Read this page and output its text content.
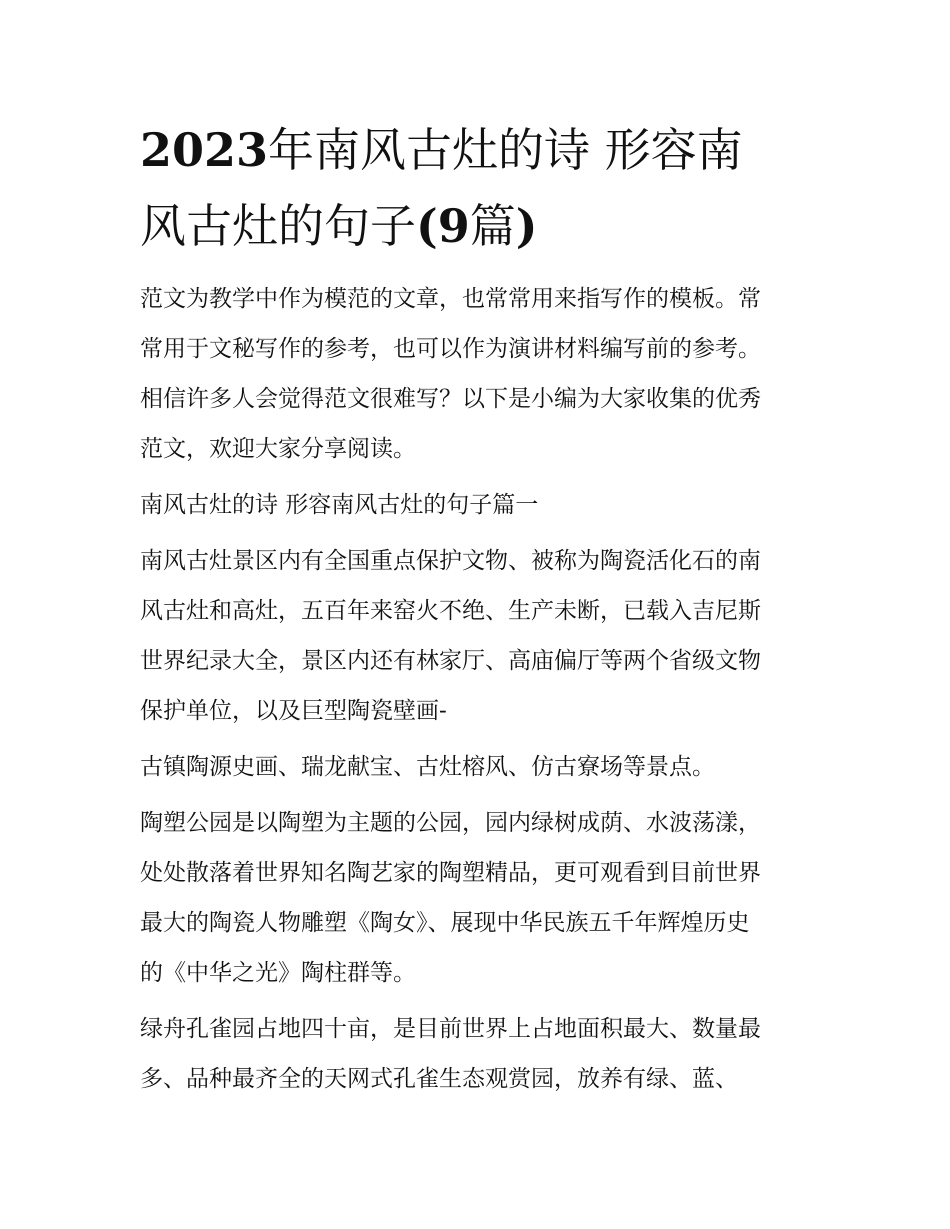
2023年南风古灶的诗 形容南
风古灶的句子(9篇)

范文为教学中作为模范的文章，也常常用来指写作的模板。常
常用于文秘写作的参考，也可以作为演讲材料编写前的参考。
相信许多人会觉得范文很难写？以下是小编为大家收集的优秀
范文，欢迎大家分享阅读。

南风古灶的诗 形容南风古灶的句子篇一

南风古灶景区内有全国重点保护文物、被称为陶瓷活化石的南
风古灶和高灶，五百年来窑火不绝、生产未断，已载入吉尼斯
世界纪录大全，景区内还有林家厅、高庙偏厅等两个省级文物
保护单位，以及巨型陶瓷壁画-

古镇陶源史画、瑞龙献宝、古灶榕风、仿古寮场等景点。

陶塑公园是以陶塑为主题的公园，园内绿树成荫、水波荡漾，
处处散落着世界知名陶艺家的陶塑精品，更可观看到目前世界
最大的陶瓷人物雕塑《陶女》、展现中华民族五千年辉煌历史
的《中华之光》陶柱群等。

绿舟孔雀园占地四十亩，是目前世界上占地面积最大、数量最
多、品种最齐全的天网式孔雀生态观赏园，放养有绿、蓝、
